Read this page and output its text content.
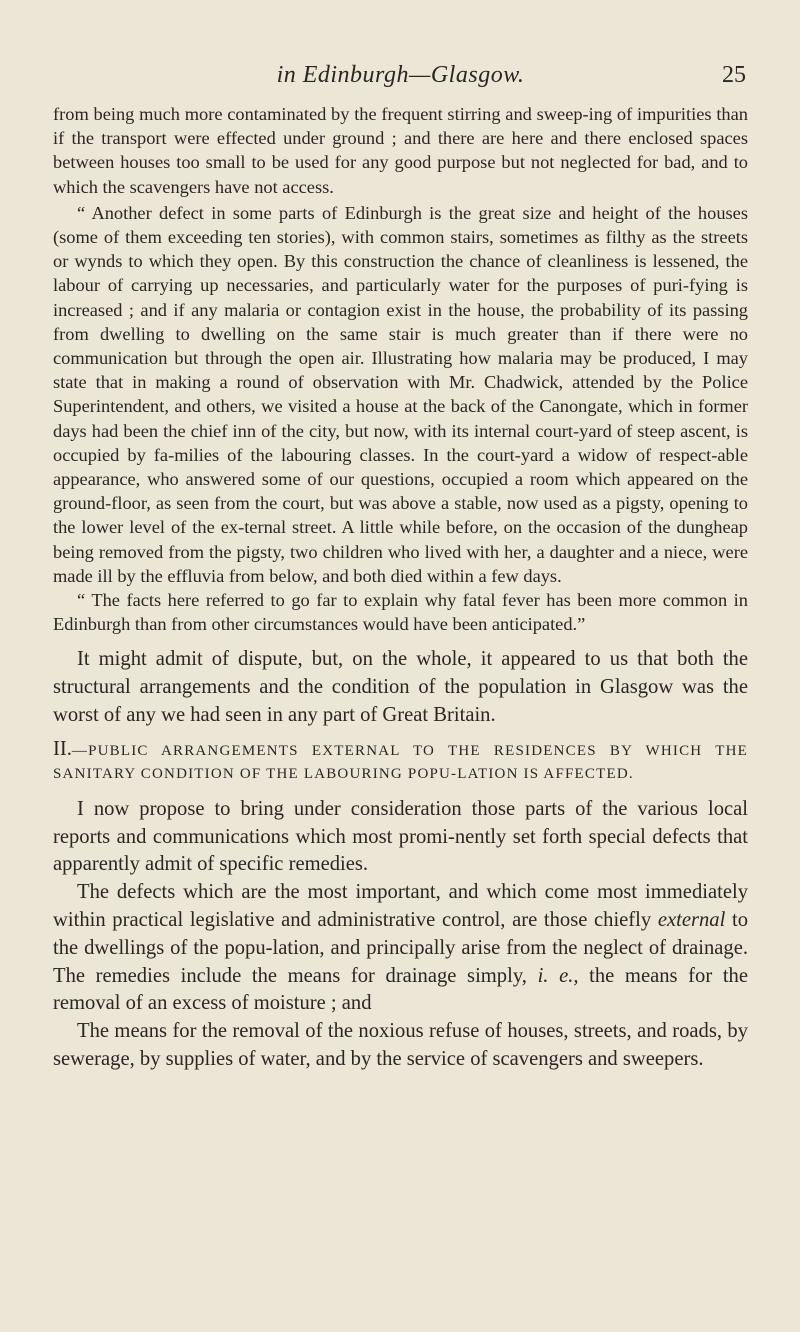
in Edinburgh—Glasgow.	25

from being much more contaminated by the frequent stirring and sweep-ing of impurities than if the transport were effected under ground ; and there are here and there enclosed spaces between houses too small to be used for any good purpose but not neglected for bad, and to which the scavengers have not access.

“ Another defect in some parts of Edinburgh is the great size and height of the houses (some of them exceeding ten stories), with common stairs, sometimes as filthy as the streets or wynds to which they open. By this construction the chance of cleanliness is lessened, the labour of carrying up necessaries, and particularly water for the purposes of puri-fying is increased ; and if any malaria or contagion exist in the house, the probability of its passing from dwelling to dwelling on the same stair is much greater than if there were no communication but through the open air. Illustrating how malaria may be produced, I may state that in making a round of observation with Mr. Chadwick, attended by the Police Superintendent, and others, we visited a house at the back of the Canongate, which in former days had been the chief inn of the city, but now, with its internal court-yard of steep ascent, is occupied by fa-milies of the labouring classes. In the court-yard a widow of respect-able appearance, who answered some of our questions, occupied a room which appeared on the ground-floor, as seen from the court, but was above a stable, now used as a pigsty, opening to the lower level of the ex-ternal street. A little while before, on the occasion of the dungheap being removed from the pigsty, two children who lived with her, a daughter and a niece, were made ill by the effluvia from below, and both died within a few days.

“ The facts here referred to go far to explain why fatal fever has been more common in Edinburgh than from other circumstances would have been anticipated.”

It might admit of dispute, but, on the whole, it appeared to us that both the structural arrangements and the condition of the population in Glasgow was the worst of any we had seen in any part of Great Britain.

II.—PUBLIC ARRANGEMENTS EXTERNAL TO THE RESIDENCES BY WHICH THE SANITARY CONDITION OF THE LABOURING POPU-LATION IS AFFECTED.

I now propose to bring under consideration those parts of the various local reports and communications which most promi-nently set forth special defects that apparently admit of specific remedies.

The defects which are the most important, and which come most immediately within practical legislative and administrative control, are those chiefly external to the dwellings of the popu-lation, and principally arise from the neglect of drainage. The remedies include the means for drainage simply, i. e., the means for the removal of an excess of moisture ; and

The means for the removal of the noxious refuse of houses, streets, and roads, by sewerage, by supplies of water, and by the service of scavengers and sweepers.
